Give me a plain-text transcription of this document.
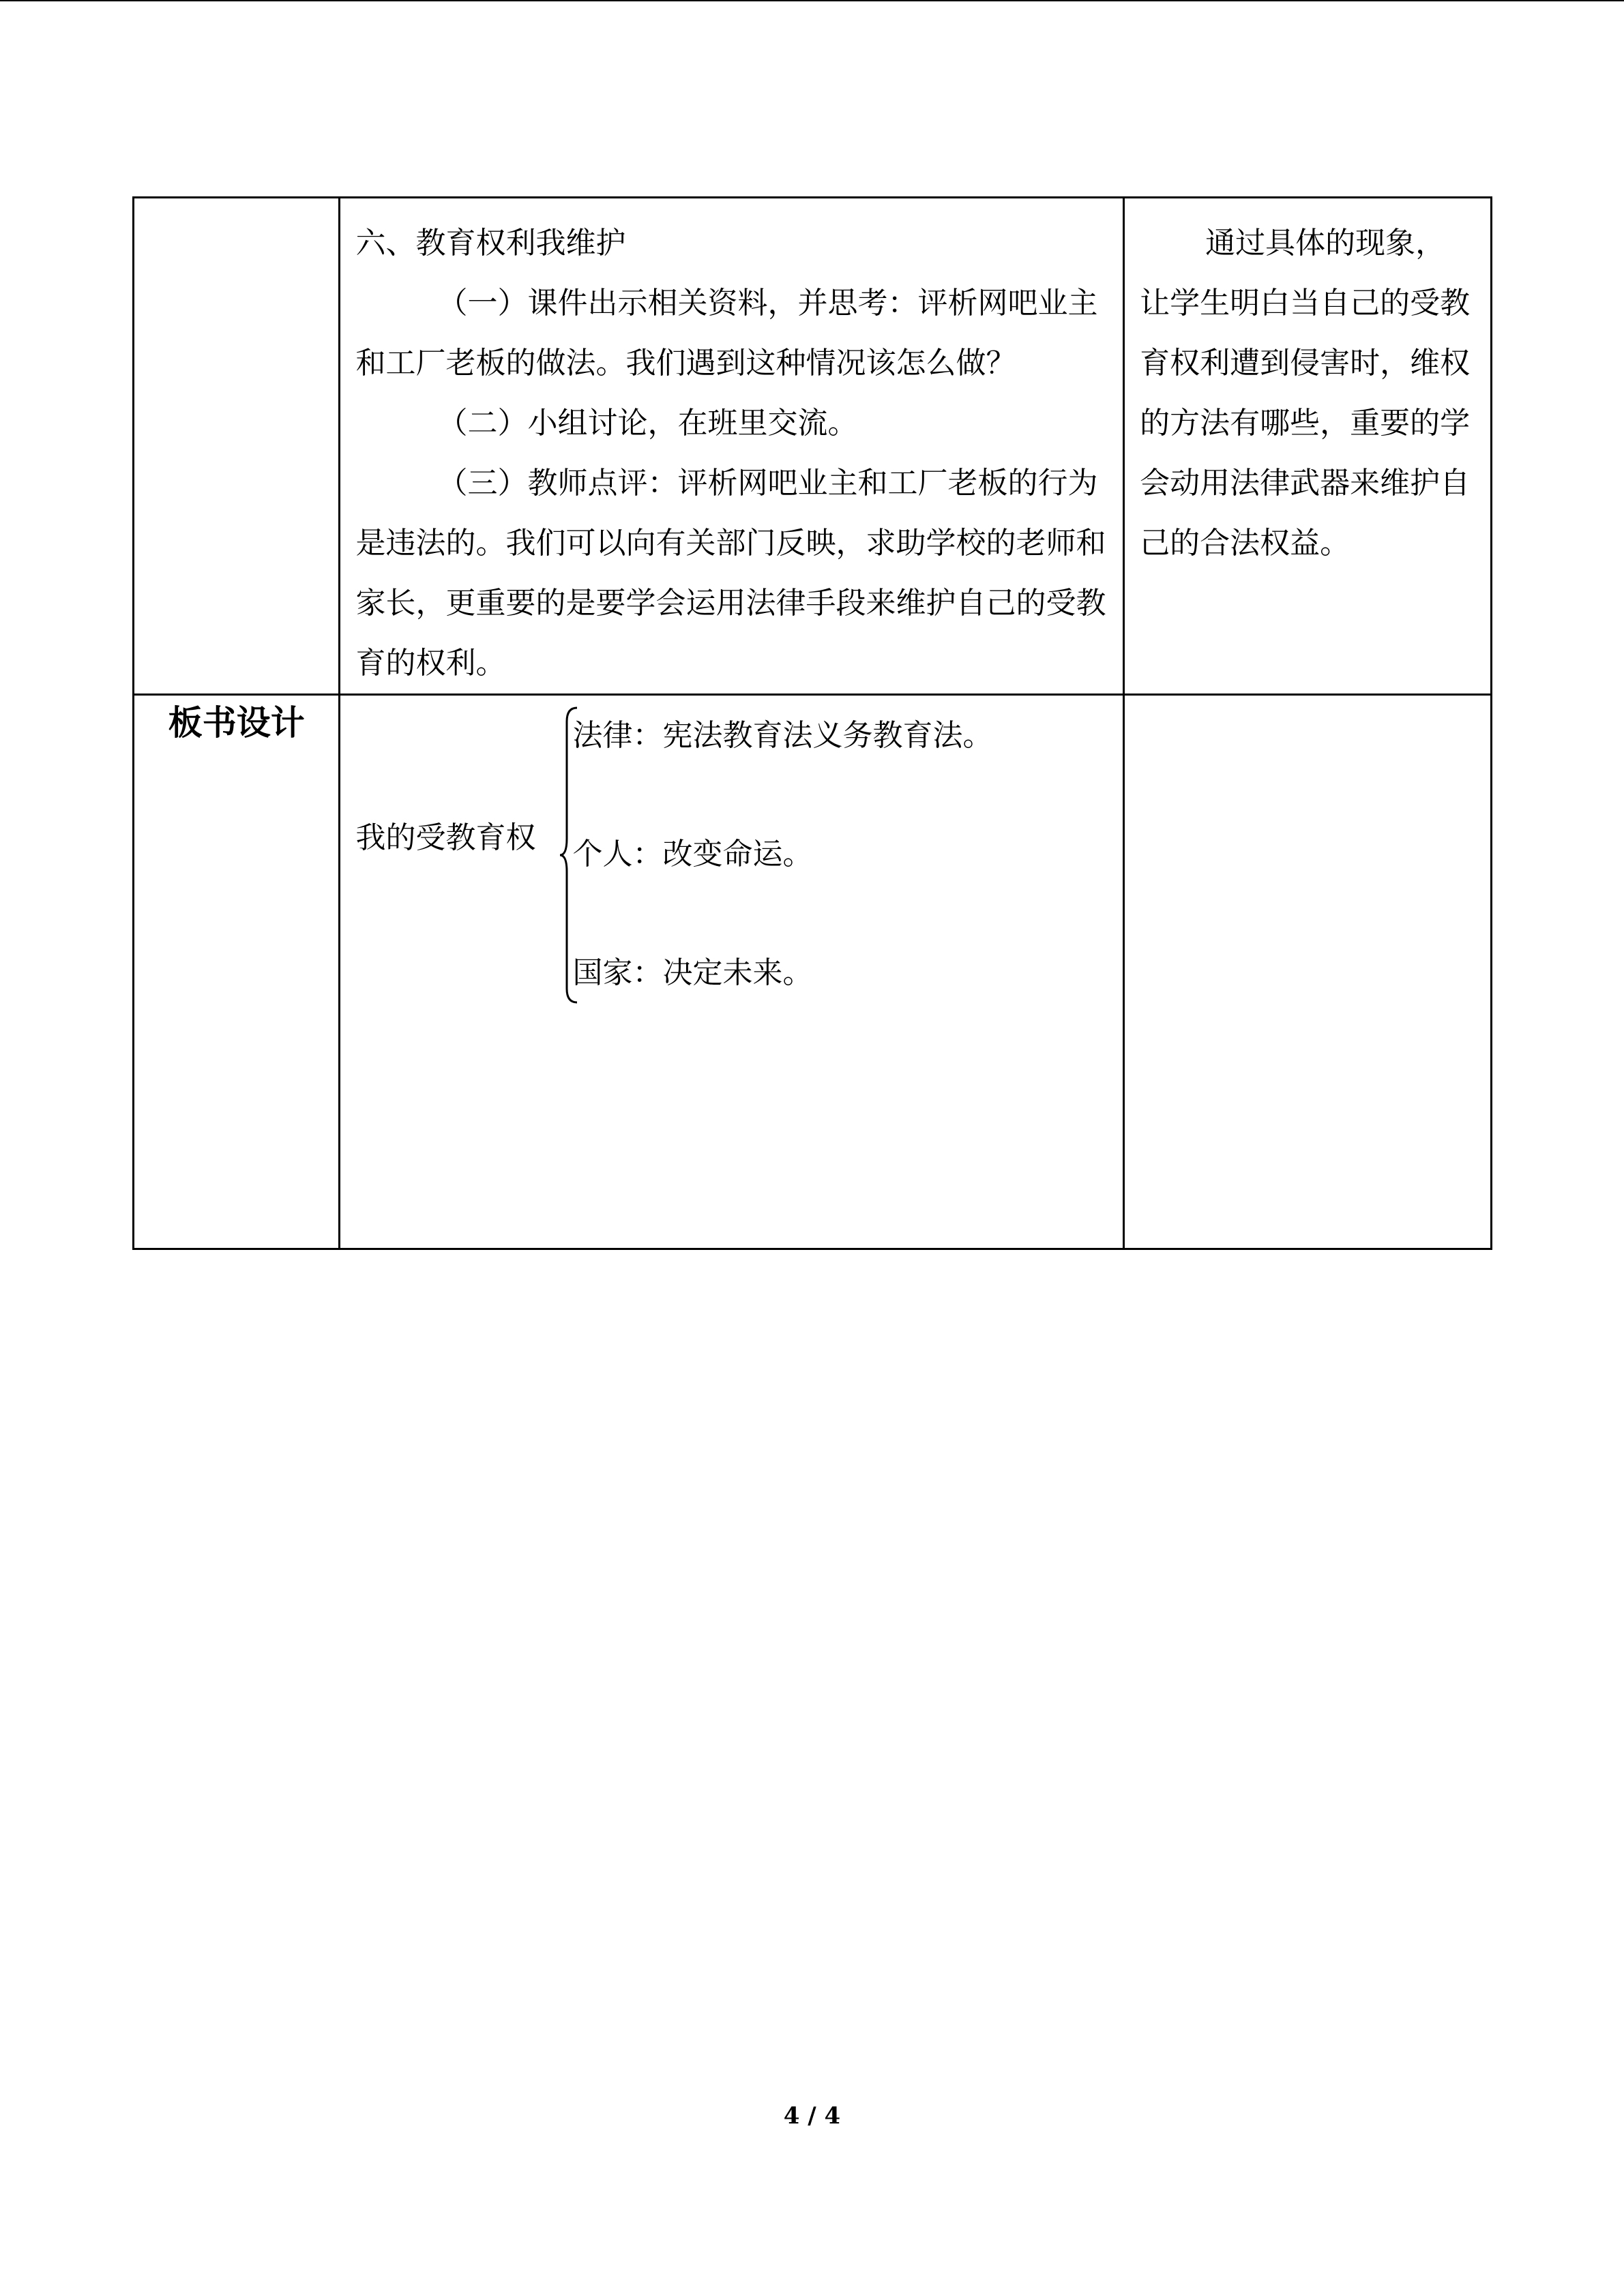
	六、教育权利我维护

（一）课件出示相关资料，并思考：评析网吧业主和工厂老板的做法。我们遇到这种情况该怎么做？

（二）小组讨论，在班里交流。

（三）教师点评：评析网吧业主和工厂老板的行为是违法的。我们可以向有关部门反映，求助学校的老师和家长，更重要的是要学会运用法律手段来维护自己的受教育的权利。	通过具体的现象，让学生明白当自己的受教育权利遭到侵害时，维权的方法有哪些，重要的学会动用法律武器来维护自己的合法权益。

板书设计	我的受教育权
法律：宪法教育法义务教育法。
个人：改变命运。
国家：决定未来。	

4 / 4
